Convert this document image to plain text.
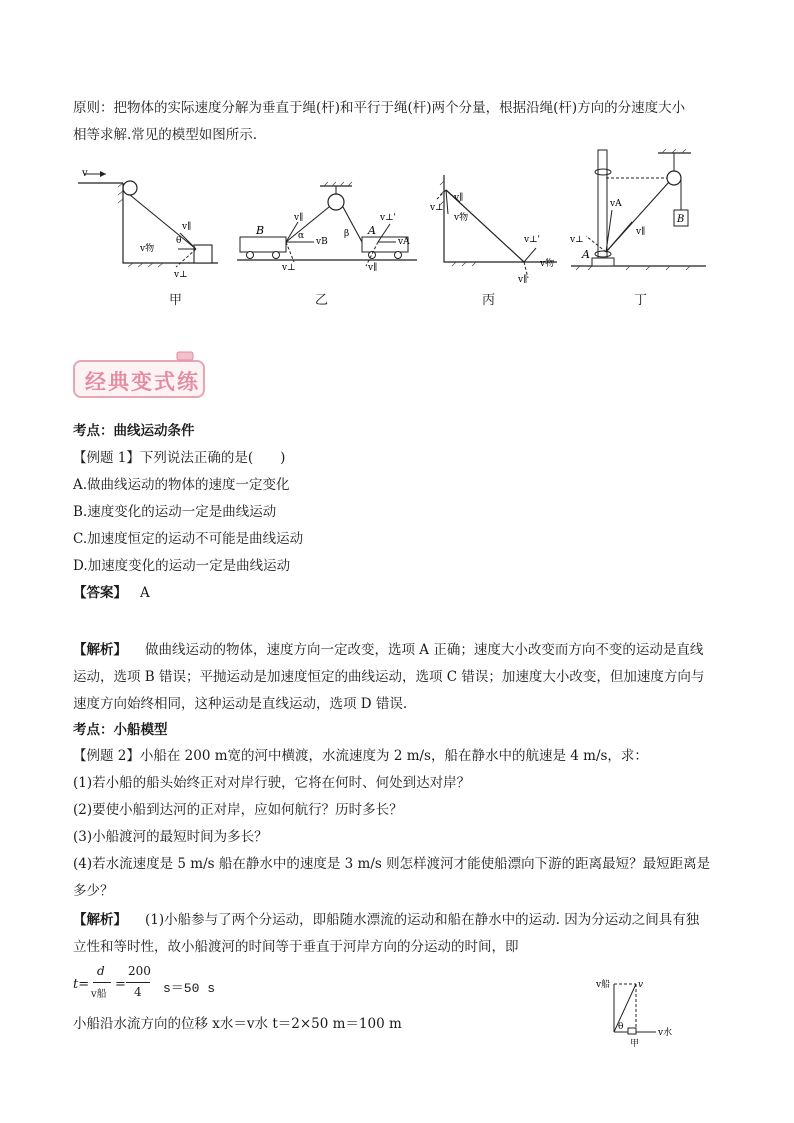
原则：把物体的实际速度分解为垂直于绳(杆)和平行于绳(杆)两个分量，根据沿绳(杆)方向的分速度大小
相等求解.常见的模型如图所示.
v
v∥
v物
θ
v⊥
B	A
v∥
α
vB
β
v⊥'
vA
v⊥	v∥
v⊥
v∥
v物
v⊥'
v物
v∥
vA
v∥
v⊥
A
B
甲	乙	丙	丁
经典变式练
考点：曲线运动条件
【例题 1】下列说法正确的是(　　)
A.做曲线运动的物体的速度一定变化
B.速度变化的运动一定是曲线运动
C.加速度恒定的运动不可能是曲线运动
D.加速度变化的运动一定是曲线运动
【答案】 A
【解析】 做曲线运动的物体，速度方向一定改变，选项 A 正确；速度大小改变而方向不变的运动是直线
运动，选项 B 错误；平抛运动是加速度恒定的曲线运动，选项 C 错误；加速度大小改变，但加速度方向与
速度方向始终相同，这种运动是直线运动，选项 D 错误.
考点：小船模型
【例题 2】小船在 200 m宽的河中横渡，水流速度为 2 m/s，船在静水中的航速是 4 m/s，求：
(1)若小船的船头始终正对对岸行驶，它将在何时、何处到达对岸？
(2)要使小船到达河的正对岸，应如何航行？历时多长？
(3)小船渡河的最短时间为多长？
(4)若水流速度是 5 m/s 船在静水中的速度是 3 m/s 则怎样渡河才能使船漂向下游的距离最短？最短距离是
多少？
【解析】 (1)小船参与了两个分运动，即船随水漂流的运动和船在静水中的运动. 因为分运动之间具有独
立性和等时性，故小船渡河的时间等于垂直于河岸方向的分运动的时间，即
t=
d
v船
=
200
4 s＝50 s
小船沿水流方向的位移 x水＝v水 t＝2×50 m＝100 m
v船	v
θ
v水
甲
